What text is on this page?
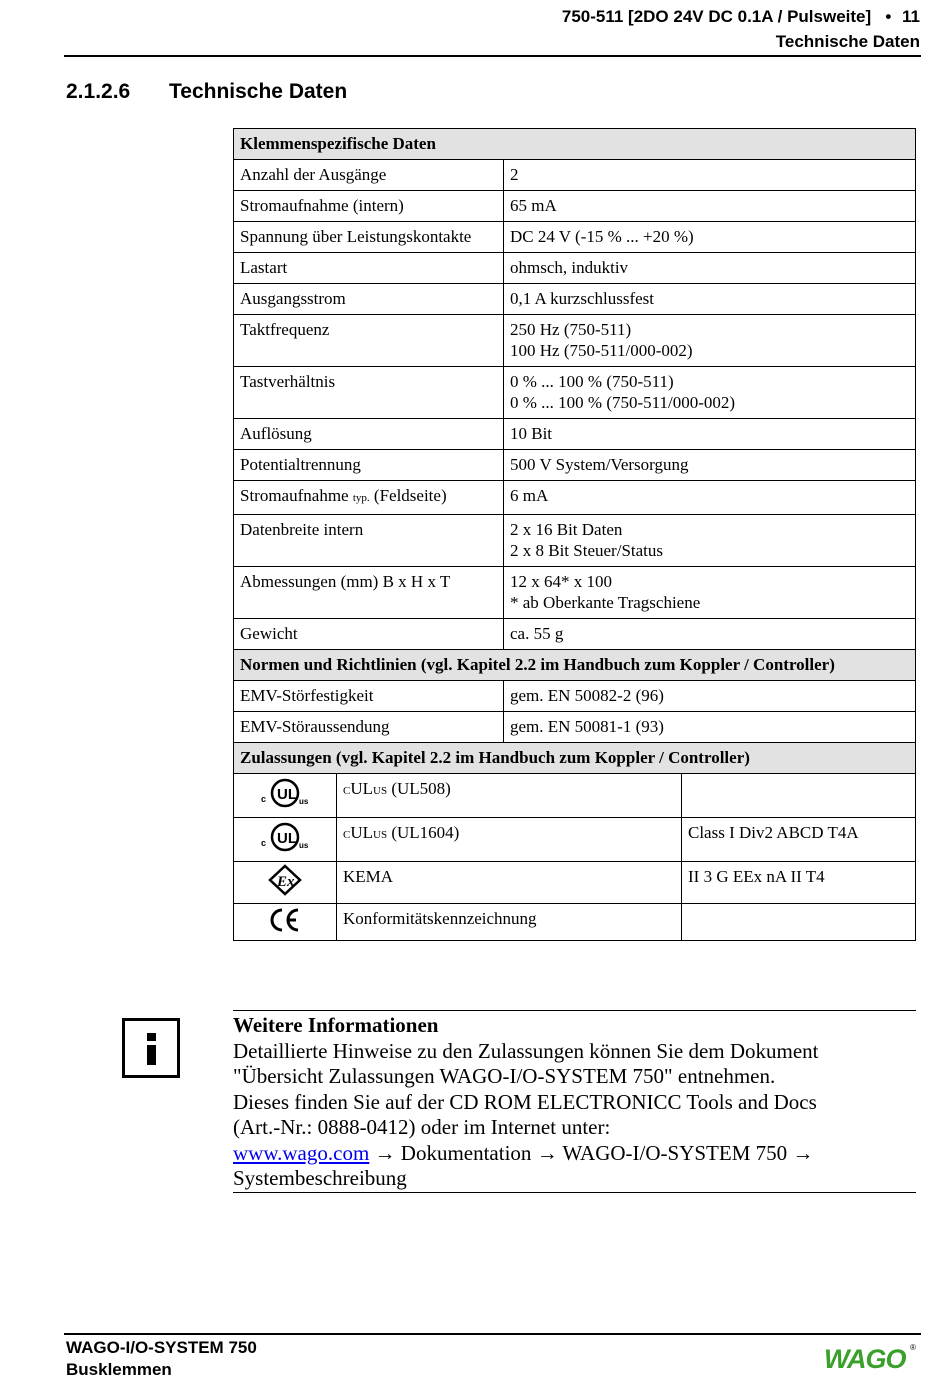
750-511 [2DO 24V DC 0.1A / Pulsweite] • 11
Technische Daten
2.1.2.6 Technische Daten
Klemmenspezifische Daten	
Anzahl der Ausgänge	2
Stromaufnahme (intern)	65 mA
Spannung über Leistungskontakte	DC 24 V (-15 % ... +20 %)
Lastart	ohmsch, induktiv
Ausgangsstrom	0,1 A kurzschlussfest
Taktfrequenz	250 Hz (750-511)
100 Hz (750-511/000-002)

Tastverhältnis	0 % ... 100 % (750-511)
0 % ... 100 % (750-511/000-002)

Auflösung	10 Bit
Potentialtrennung	500 V System/Versorgung
Stromaufnahme typ. (Feldseite)	6 mA
Datenbreite intern	2 x 16 Bit Daten
2 x 8 Bit Steuer/Status

Abmessungen (mm) B x H x T	12 x 64* x 100
* ab Oberkante Tragschiene

Gewicht	ca. 55 g
Normen und Richtlinien (vgl. Kapitel 2.2 im Handbuch zum Koppler / Controller)	
EMV-Störfestigkeit	gem. EN 50082-2 (96)
EMV-Störaussendung	gem. EN 50081-1 (93)
Zulassungen (vgl. Kapitel 2.2 im Handbuch zum Koppler / Controller)	
c UL us	CULUS (UL508)	

c UL us	CULUS (UL1604)	Class I Div2 ABCD T4A

Ex	KEMA	II 3 G EEx nA II T4
	Konformitätskennzeichnung	
Weitere Informationen
Detaillierte Hinweise zu den Zulassungen können Sie dem Dokument
"Übersicht Zulassungen WAGO-I/O-SYSTEM 750" entnehmen.
Dieses finden Sie auf der CD ROM ELECTRONICC Tools and Docs
(Art.-Nr.: 0888-0412) oder im Internet unter:
www.wago.com → Dokumentation → WAGO-I/O-SYSTEM 750 →
Systembeschreibung
WAGO-I/O-SYSTEM 750
Busklemmen	WAGO ®
